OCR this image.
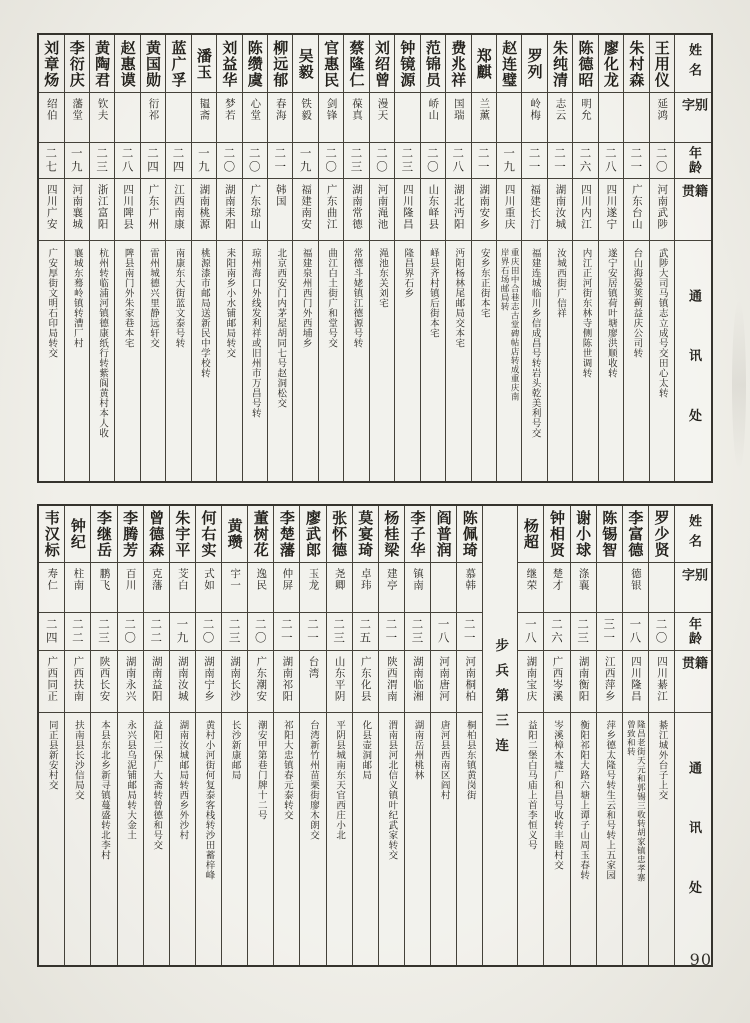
姓名
别字
年龄
籍贯
通讯处
王用仪
延鸿
二〇
河南武陟
武陟大司马镇志立成号交田心太转
朱村森
二一
广东台山
台山海晏荚蓟益庆公司转
廖化龙
二八
四川遂宁
遂宁安居镇荷叶塘廖洪顺收转
陈德昭
明允
二六
四川内江
内江正河街东林寺侧陈世调转
朱纯清
志云
二一
湖南汝城
汝城西街广信祥
罗列
岭梅
二一
福建长汀
福建连城临川乡信成昌号转岩头乾美利号交
赵连璧
一九
四川重庆
重庆田中合巷志古堂碑帖店转成重庆南岸界石场邮局转
郑麒
兰薰
二一
湖南安乡
安乡东正街本宅
费兆祥
国瑞
二八
湖北沔阳
沔阳杨林尾邮局交本宅
范锦员
峤山
二〇
山东峄县
峄县齐村镇后街本宅
钟镜源
二三
四川隆昌
隆昌界石乡
刘绍曾
漫天
二〇
河南渑池
渑池东关刘宅
蔡隆仁
葆真
二三
湖南常德
常德斗姥镇江德源号转
官惠民
剑锋
二〇
广东曲江
曲江白土街广和堂号交
吴毅
铁毅
一九
福建南安
福建泉州西门外西埔乡
柳远郁
春海
二一
韩国
北京西安门内茅屋胡同七号赵洞松交
陈缵虞
心堂
二〇
广东琼山
琼州海口外线发利祥或旧州市万昌号转
刘益华
梦若
二〇
湖南耒阳
耒阳南乡小水铺邮局转交
潘玉
韫斋
一九
湖南桃源
桃源漆市邮局送新民中学校转
蓝广孚
二四
江西南康
南康东大街蓝文泰号转
黄国勋
衍祁
二四
广东广州
雷州城德兴里静远轩交
赵惠谟
二八
四川陴县
陴县南门外朱家巷本宅
黄陶君
钦夫
二三
浙江富阳
杭州转临浦河镇德康纸行转紫阆黄村本人收
李衍庆
藩堂
一九
河南襄城
襄城东蓦岭镇转漕厂村
刘章炀
绍伯
二七
四川广安
广安厚街文明石印局转交
姓名
别字
年龄
籍贯
通讯处
罗少贤
二〇
四川綦江
綦江城外台子上交
李富德
德银
一八
四川隆昌
隆昌老街天元和郭锡三收转胡家镇忠孝寨曾致和转
陈锡智
三一
江西萍乡
萍乡德太隆号转生云和号转上五家园
谢小球
涤襄
二三
湖南衡阳
衡阳祁阳大路六塘上谭子山周玉春转
钟相贤
楚才
二六
广西岑溪
岑溪樟木墟广和昌号收转丰睦村交
杨超
继荣
一八
湖南宝庆
益阳二堡白马庙上首李恒义号
步兵第三连
陈佩琦
慕韩
二一
河南桐柏
桐柏县东镇黄岗街
阎普润
一八
河南唐河
唐河县西南区阎村
李子华
镇南
二三
湖南临湘
湖南岳州桃林
杨桂梁
建亭
二一
陕西渭南
渭南县河北信义镇叶纪武家转交
莫宴琦
卓玮
二五
广东化县
化县壶洞邮局
张怀德
尧卿
二三
山东平阴
平阴县城南东天官西庄小北
廖武郎
玉龙
二一
台湾
台湾新竹州苗栗街廖木朗交
李楚藩
仲屏
二一
湖南祁阳
祁阳大忠镇春元泰转交
董树花
逸民
二〇
广东潮安
潮安甲第巷门牌十二号
黄瓒
宇一
二三
湖南长沙
长沙新康邮局
何右实
式如
二〇
湖南宁乡
黄村小河街何复泰客栈转沙田蓄梓峰
朱宇平
芠白
一九
湖南汝城
湖南汝城邮局转西乡外沙村
曾德森
克藩
二二
湖南益阳
益阳二保广大斋转曾德和号交
李腾芳
百川
二〇
湖南永兴
永兴县乌泥铺邮局转大金土
李继岳
鹏飞
二三
陕西长安
本县东北乡新寻镇蔓盛转北李村
钟纪
柱南
二二
广西扶南
扶南县长沙信局交
韦汉标
寿仁
二四
广西同正
同正县新安村交
90
